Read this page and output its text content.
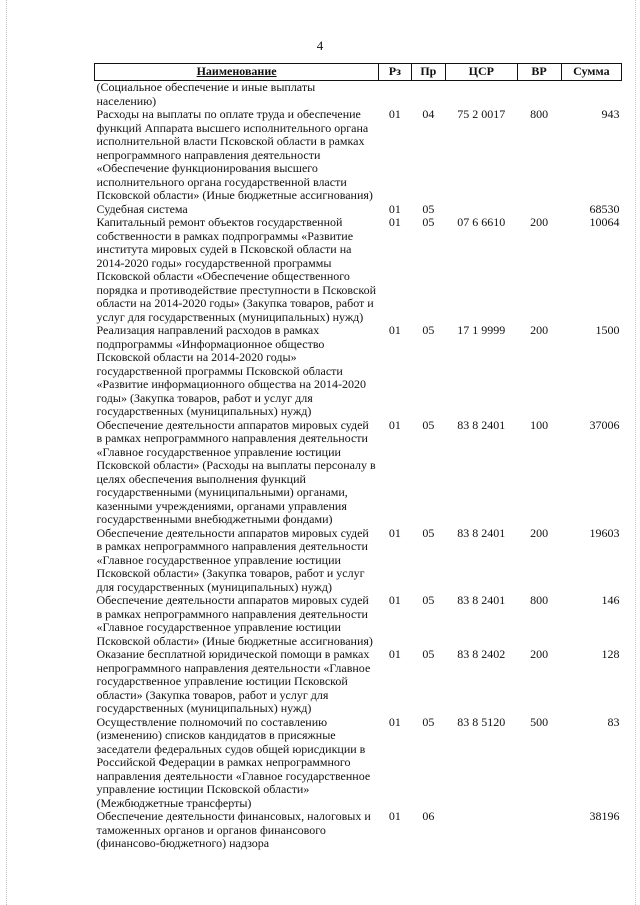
4
Наименование	Рз	Пр	ЦСР	ВР	Сумма
(Социальное обеспечение и иные выплаты населению)					
Расходы на выплаты по оплате труда и обеспечение функций Аппарата высшего исполнительного органа исполнительной власти Псковской области в рамках непрограммного направления деятельности «Обеспечение функционирования высшего исполнительного органа государственной власти Псковской области» (Иные бюджетные ассигнования)	01	04	75 2 0017	800	943
Судебная система	01	05			68530
Капитальный ремонт объектов государственной собственности в рамках подпрограммы «Развитие института мировых судей в Псковской области на 2014-2020 годы» государственной программы Псковской области «Обеспечение общественного порядка и противодействие преступности в Псковской области на 2014-2020 годы» (Закупка товаров, работ и услуг для государственных (муниципальных) нужд)	01	05	07 6 6610	200	10064
Реализация направлений расходов в рамках подпрограммы «Информационное общество Псковской области на 2014-2020 годы» государственной программы Псковской области «Развитие информационного общества на 2014-2020 годы» (Закупка товаров, работ и услуг для государственных (муниципальных) нужд)	01	05	17 1 9999	200	1500
Обеспечение деятельности аппаратов мировых судей в рамках непрограммного направления деятельности «Главное государственное управление юстиции Псковской области» (Расходы на выплаты персоналу в целях обеспечения выполнения функций государственными (муниципальными) органами, казенными учреждениями, органами управления государственными внебюджетными фондами)	01	05	83 8 2401	100	37006
Обеспечение деятельности аппаратов мировых судей в рамках непрограммного направления деятельности «Главное государственное управление юстиции Псковской области» (Закупка товаров, работ и услуг для государственных (муниципальных) нужд)	01	05	83 8 2401	200	19603
Обеспечение деятельности аппаратов мировых судей в рамках непрограммного направления деятельности «Главное государственное управление юстиции Псковской области» (Иные бюджетные ассигнования)	01	05	83 8 2401	800	146
Оказание бесплатной юридической помощи в рамках непрограммного направления деятельности «Главное государственное управление юстиции Псковской области» (Закупка товаров, работ и услуг для государственных (муниципальных) нужд)	01	05	83 8 2402	200	128
Осуществление полномочий по составлению (изменению) списков кандидатов в присяжные заседатели федеральных судов общей юрисдикции в Российской Федерации в рамках непрограммного направления деятельности «Главное государственное управление юстиции Псковской области» (Межбюджетные трансферты)	01	05	83 8 5120	500	83
Обеспечение деятельности финансовых, налоговых и таможенных органов и органов финансового (финансово-бюджетного) надзора	01	06			38196
